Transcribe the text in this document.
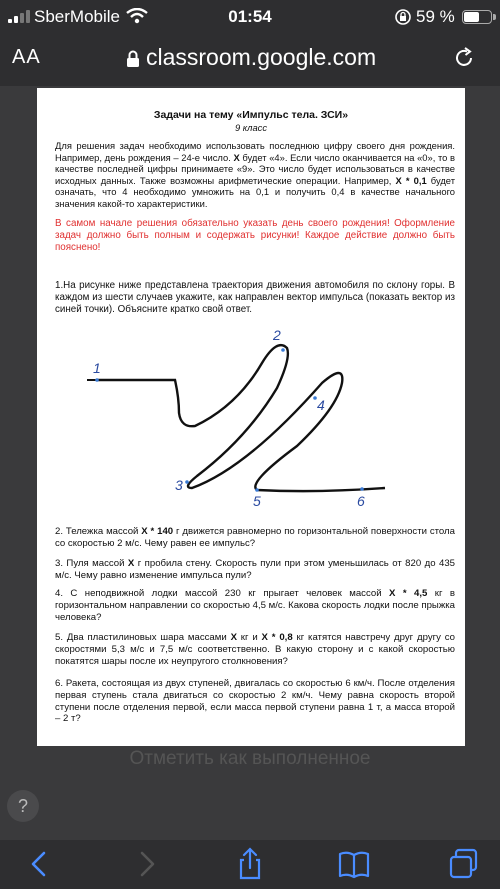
SberMobile	01:54	59 %
AA	classroom.google.com
Задачи на тему «Импульс тела. ЗСИ»
9 класс
Для решения задач необходимо использовать последнюю цифру своего дня рождения. Например, день рождения – 24-е число. X будет «4». Если число оканчивается на «0», то в качестве последней цифры принимаете «9». Это число будет использоваться в качестве исходных данных. Также возможны арифметические операции. Например, X * 0,1 будет означать, что 4 необходимо умножить на 0,1 и получить 0,4 в качестве начального значения какой-то характеристики.
В самом начале решения обязательно указать день своего рождения! Оформление задач должно быть полным и содержать рисунки! Каждое действие должно быть пояснено!
1.На рисунке ниже представлена траектория движения автомобиля по склону горы. В каждом из шести случаев укажите, как направлен вектор импульса (показать вектор из синей точки). Объясните кратко свой ответ.
1
2
3
4
5	6
2. Тележка массой X * 140 г движется равномерно по горизонтальной поверхности стола со скоростью 2 м/с. Чему равен ее импульс?
3. Пуля массой X г пробила стену. Скорость пули при этом уменьшилась от 820 до 435 м/с. Чему равно изменение импульса пули?
4. С неподвижной лодки массой 230 кг прыгает человек массой X * 4,5 кг в горизонтальном направлении со скоростью 4,5 м/с. Какова скорость лодки после прыжка человека?
5. Два пластилиновых шара массами X кг и X * 0,8 кг катятся навстречу друг другу со скоростями 5,3 м/с и 7,5 м/с соответственно. В какую сторону и с какой скоростью покатятся шары после их неупругого столкновения?
6. Ракета, состоящая из двух ступеней, двигалась со скоростью 6 км/ч. После отделения первая ступень стала двигаться со скоростью 2 км/ч. Чему равна скорость второй ступени после отделения первой, если масса первой ступени равна 1 т, а масса второй – 2 т?
Отметить как выполненное
?
